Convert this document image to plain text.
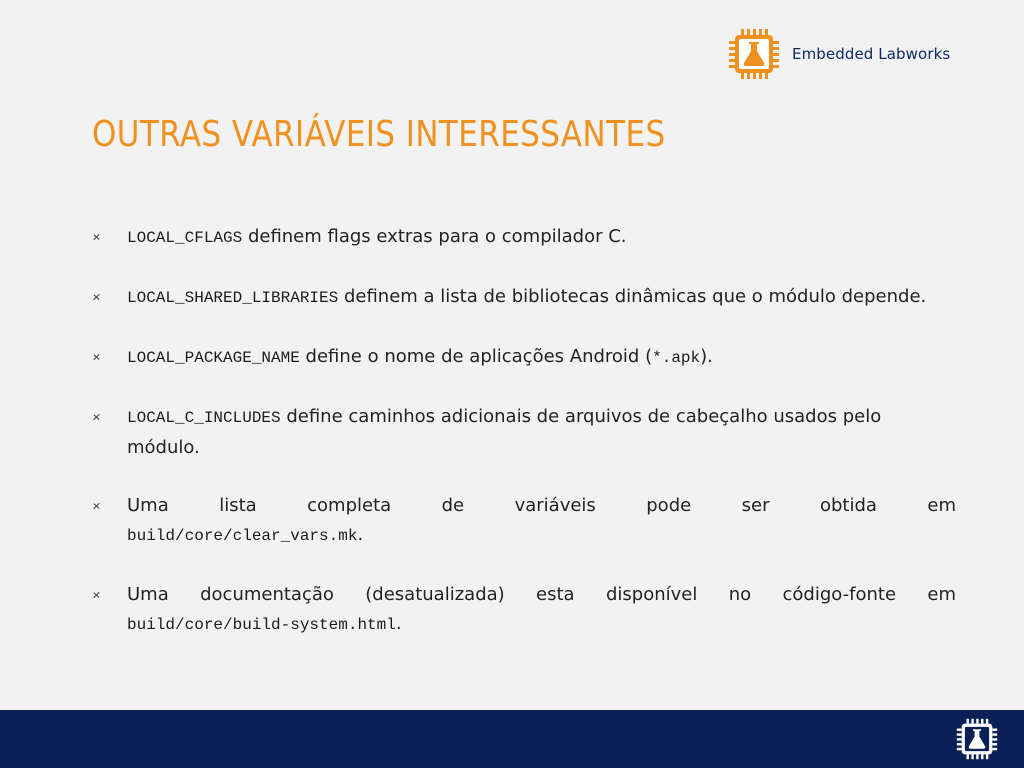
Embedded Labworks
OUTRAS VARIÁVEIS INTERESSANTES
LOCAL_CFLAGS definem flags extras para o compilador C.
LOCAL_SHARED_LIBRARIES definem a lista de bibliotecas dinâmicas que o módulo depende.
LOCAL_PACKAGE_NAME define o nome de aplicações Android (*.apk).
LOCAL_C_INCLUDES define caminhos adicionais de arquivos de cabeçalho usados pelo módulo.
Uma lista completa de variáveis pode ser obtida em
build/core/clear_vars.mk.
Uma documentação (desatualizada) esta disponível no código-fonte em
build/core/build-system.html.
